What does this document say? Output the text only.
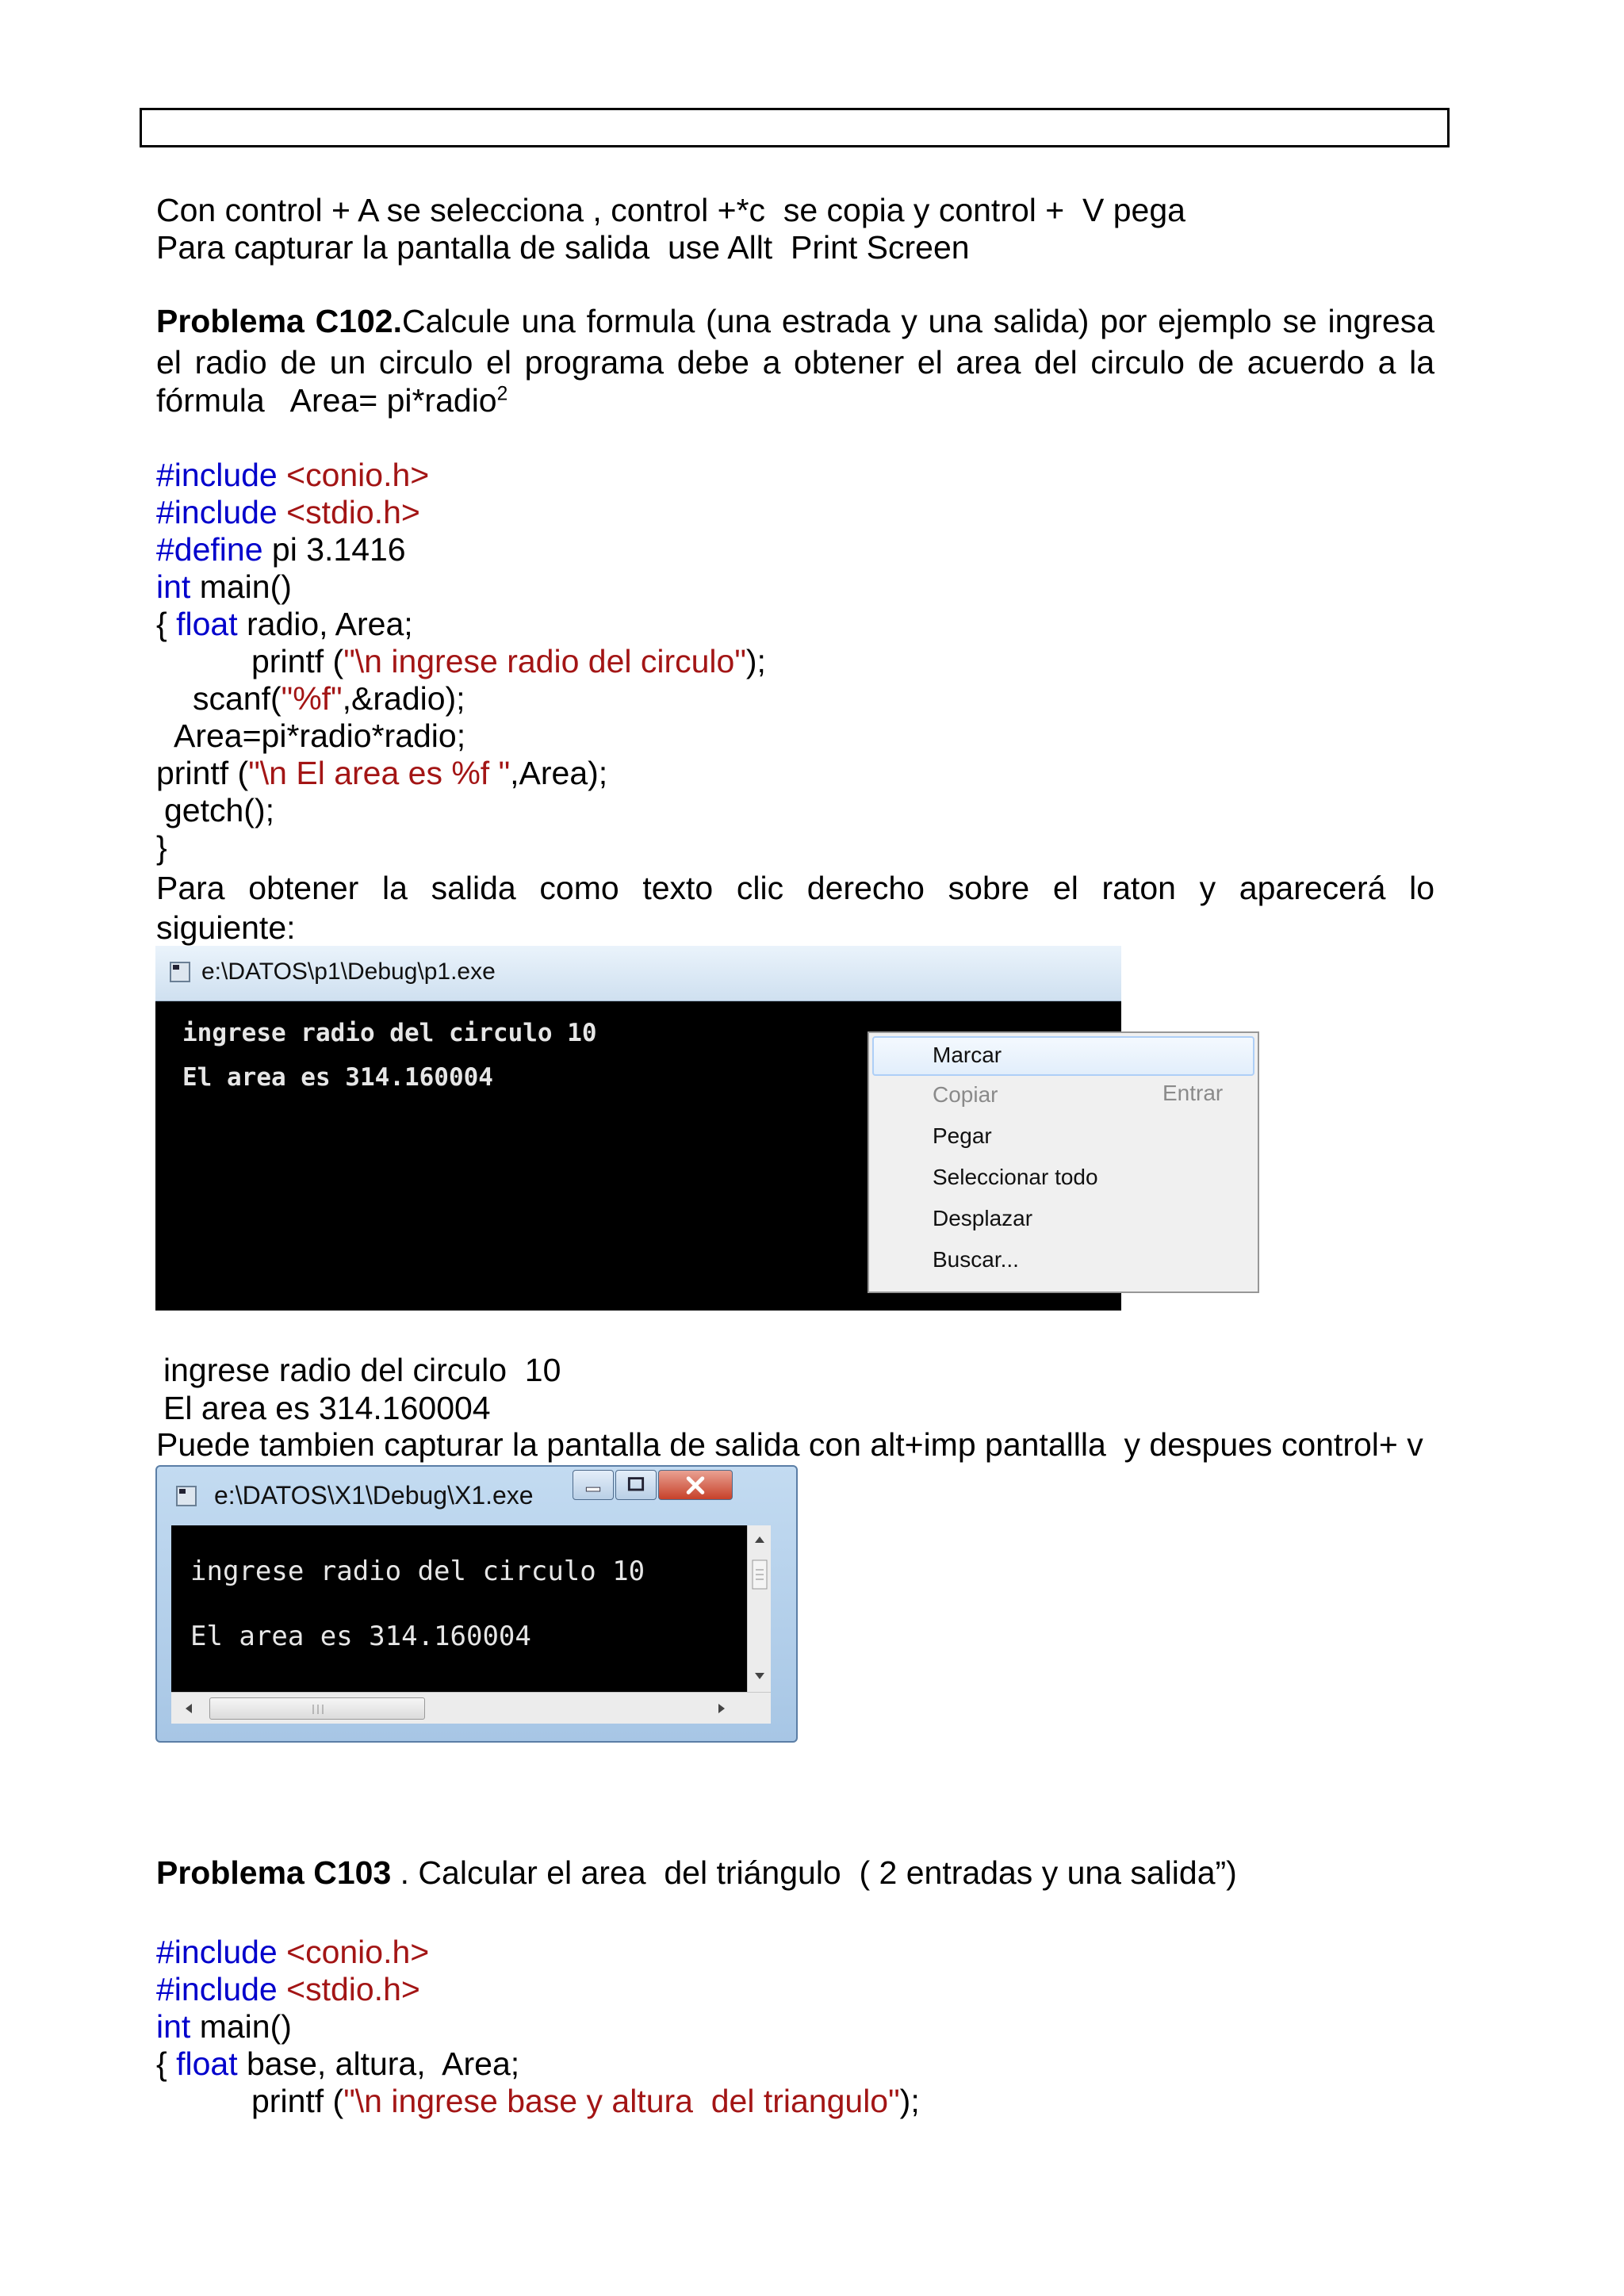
Con control + A se selecciona , control +*c  se copia y control +  V pega
Para capturar la pantalla de salida  use Allt  Print Screen
Problema C102.Calcule una formula (una estrada y una salida) por ejemplo se ingresa
el radio de un circulo el programa debe a obtener el area del circulo de acuerdo a la
fórmula   Area= pi*radio$^2$
#include <conio.h>
#include <stdio.h>
#define pi 3.1416
int main()
{ float radio, Area;
printf ("\n ingrese radio del circulo");
scanf("%f",&radio);
Area=pi*radio*radio;
printf ("\n El area es %f ",Area);
getch();
}
Para obtener la salida como texto clic derecho sobre el raton y aparecerá lo
siguiente:
e:\DATOS\p1\Debug\p1.exe
ingrese radio del circulo 10
El area es 314.160004
Marcar
Copiar	Entrar
Pegar
Seleccionar todo
Desplazar
Buscar...
ingrese radio del circulo  10
El area es 314.160004
Puede tambien capturar la pantalla de salida con alt+imp pantallla  y despues control+ v
e:\DATOS\X1\Debug\X1.exe
ingrese radio del circulo 10
El area es 314.160004
Problema C103 . Calcular el area  del triángulo  ( 2 entradas y una salida”)
#include <conio.h>
#include <stdio.h>
int main()
{ float base, altura,  Area;
printf ("\n ingrese base y altura  del triangulo");
